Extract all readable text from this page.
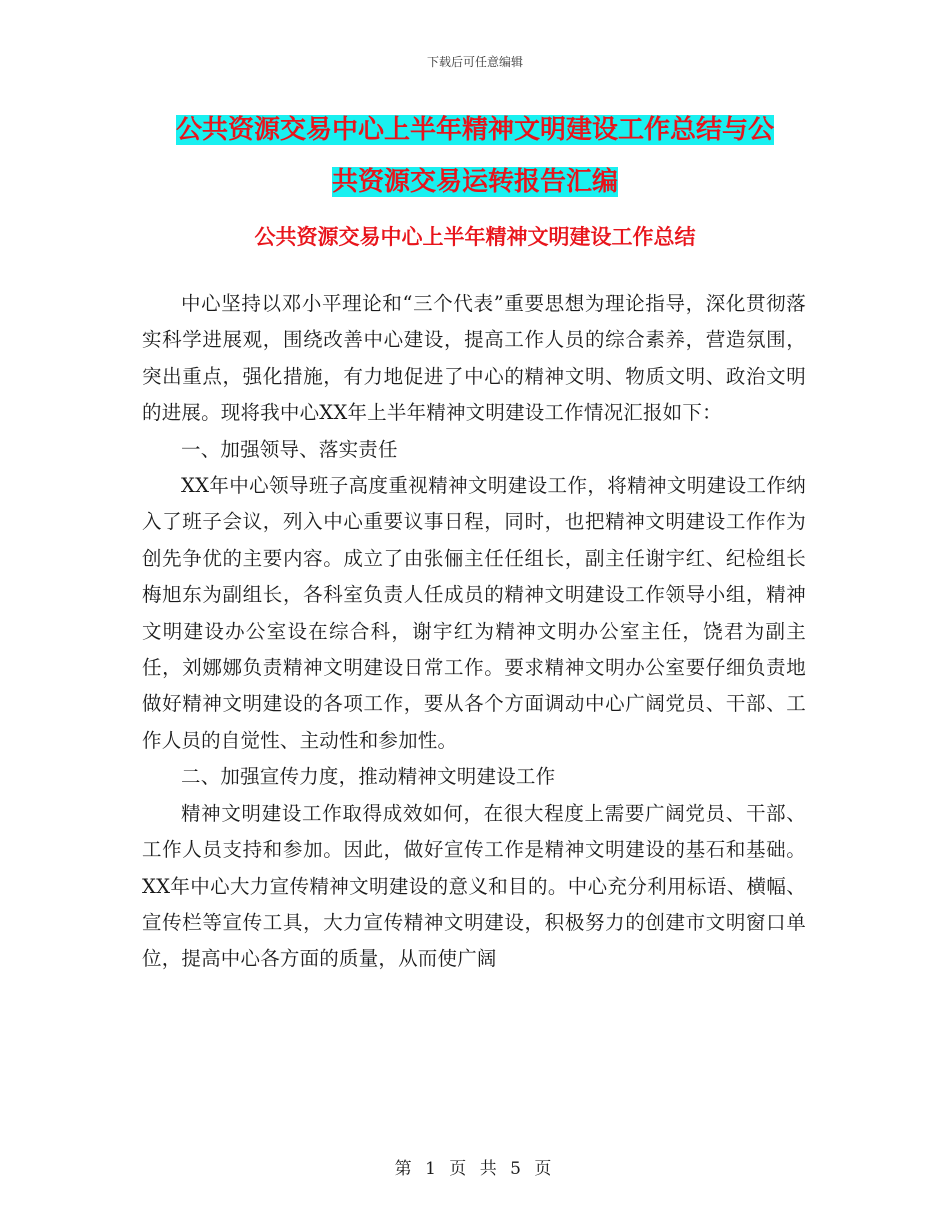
下载后可任意编辑
公共资源交易中心上半年精神文明建设工作总结与公
共资源交易运转报告汇编
公共资源交易中心上半年精神文明建设工作总结

中心坚持以邓小平理论和“三个代表”重要思想为理论指导，深化贯彻落实科学进展观，围绕改善中心建设，提高工作人员的综合素养，营造氛围，突出重点，强化措施，有力地促进了中心的精神文明、物质文明、政治文明的进展。现将我中心XX年上半年精神文明建设工作情况汇报如下：

一、加强领导、落实责任

XX年中心领导班子高度重视精神文明建设工作，将精神文明建设工作纳入了班子会议，列入中心重要议事日程，同时，也把精神文明建设工作作为创先争优的主要内容。成立了由张俪主任任组长，副主任谢宇红、纪检组长梅旭东为副组长，各科室负责人任成员的精神文明建设工作领导小组，精神文明建设办公室设在综合科，谢宇红为精神文明办公室主任，饶君为副主任，刘娜娜负责精神文明建设日常工作。要求精神文明办公室要仔细负责地做好精神文明建设的各项工作，要从各个方面调动中心广阔党员、干部、工作人员的自觉性、主动性和参加性。

二、加强宣传力度，推动精神文明建设工作

精神文明建设工作取得成效如何，在很大程度上需要广阔党员、干部、工作人员支持和参加。因此，做好宣传工作是精神文明建设的基石和基础。XX年中心大力宣传精神文明建设的意义和目的。中心充分利用标语、横幅、宣传栏等宣传工具，大力宣传精神文明建设，积极努力的创建市文明窗口单位，提高中心各方面的质量，从而使广阔

第 1 页 共 5 页
